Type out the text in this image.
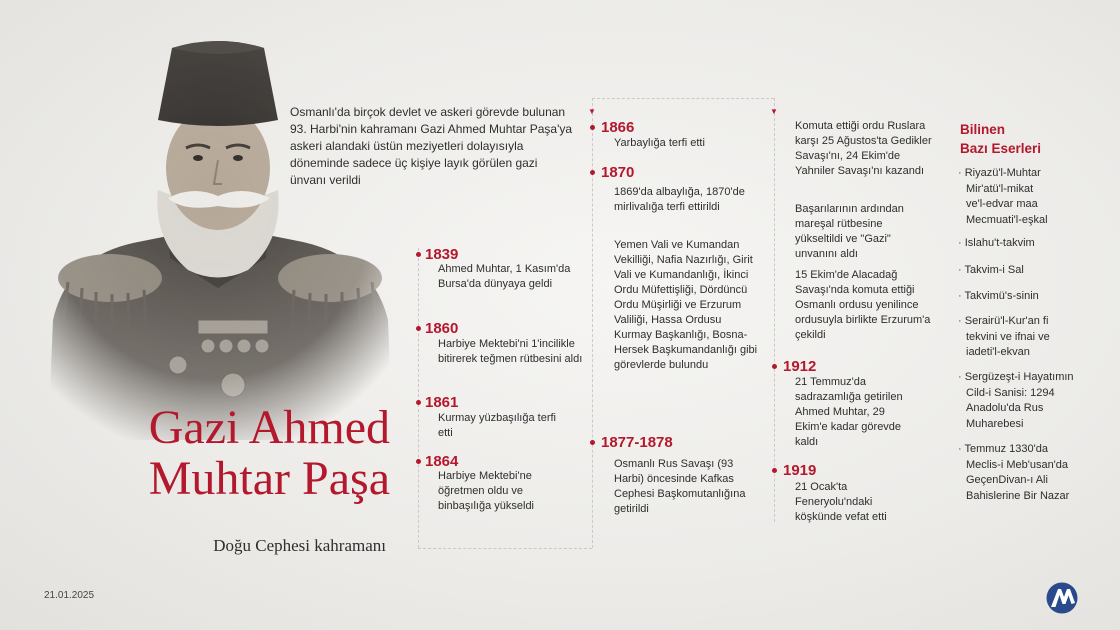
Gazi Ahmed
Muhtar Paşa
Doğu Cephesi kahramanı
21.01.2025
Osmanlı'da birçok devlet ve askeri görevde bulunan 93. Harbi'nin kahramanı Gazi Ahmed Muhtar Paşa'ya askeri alandaki üstün meziyetleri dolayısıyla döneminde sadece üç kişiye layık görülen gazi ünvanı verildi
▼	▼
1839
Ahmed Muhtar, 1 Kasım'da Bursa'da dünyaya geldi
1860
Harbiye Mektebi'ni 1'incilikle bitirerek teğmen rütbesini aldı
1861
Kurmay yüzbaşılığa terfi etti
1864
Harbiye Mektebi'ne öğretmen oldu ve binbaşılığa yükseldi
1866
Yarbaylığa terfi etti
1870
1869'da albaylığa, 1870'de mirlivalığa terfi ettirildi
Yemen Vali ve Kumandan Vekilliği, Nafia Nazırlığı, Girit Vali ve Kumandanlığı, İkinci Ordu Müfettişliği, Dördüncü Ordu Müşirliği ve Erzurum Valiliği, Hassa Ordusu Kurmay Başkanlığı, Bosna-Hersek Başkumandanlığı gibi görevlerde bulundu
1877-1878
Osmanlı Rus Savaşı (93 Harbi) öncesinde Kafkas Cephesi Başkomutanlığına getirildi
Komuta ettiği ordu Ruslara karşı 25 Ağustos'ta Gedikler Savaşı'nı, 24 Ekim'de Yahniler Savaşı'nı kazandı
Başarılarının ardından mareşal rütbesine yükseltildi ve "Gazi" unvanını aldı
15 Ekim'de Alacadağ Savaşı'nda komuta ettiği Osmanlı ordusu yenilince ordusuyla birlikte Erzurum'a çekildi
1912
21 Temmuz'da sadrazamlığa getirilen Ahmed Muhtar, 29 Ekim'e kadar görevde kaldı
1919
21 Ocak'ta Feneryolu'ndaki köşkünde vefat etti
Bilinen
Bazı Eserleri
· Riyazü'l-Muhtar
Mir'atü'l-mikat
ve'l-edvar maa
Mecmuati'l-eşkal
· Islahu't-takvim
· Takvim-i Sal
· Takvimü's-sinin
· Serairü'l-Kur'an fi
tekvini ve ifnai ve
iadeti'l-ekvan
· Sergüzeşt-i Hayatımın
Cild-i Sanisi: 1294
Anadolu'da Rus
Muharebesi
· Temmuz 1330'da
Meclis-i Meb'usan'da
GeçenDivan-ı Ali
Bahislerine Bir Nazar
